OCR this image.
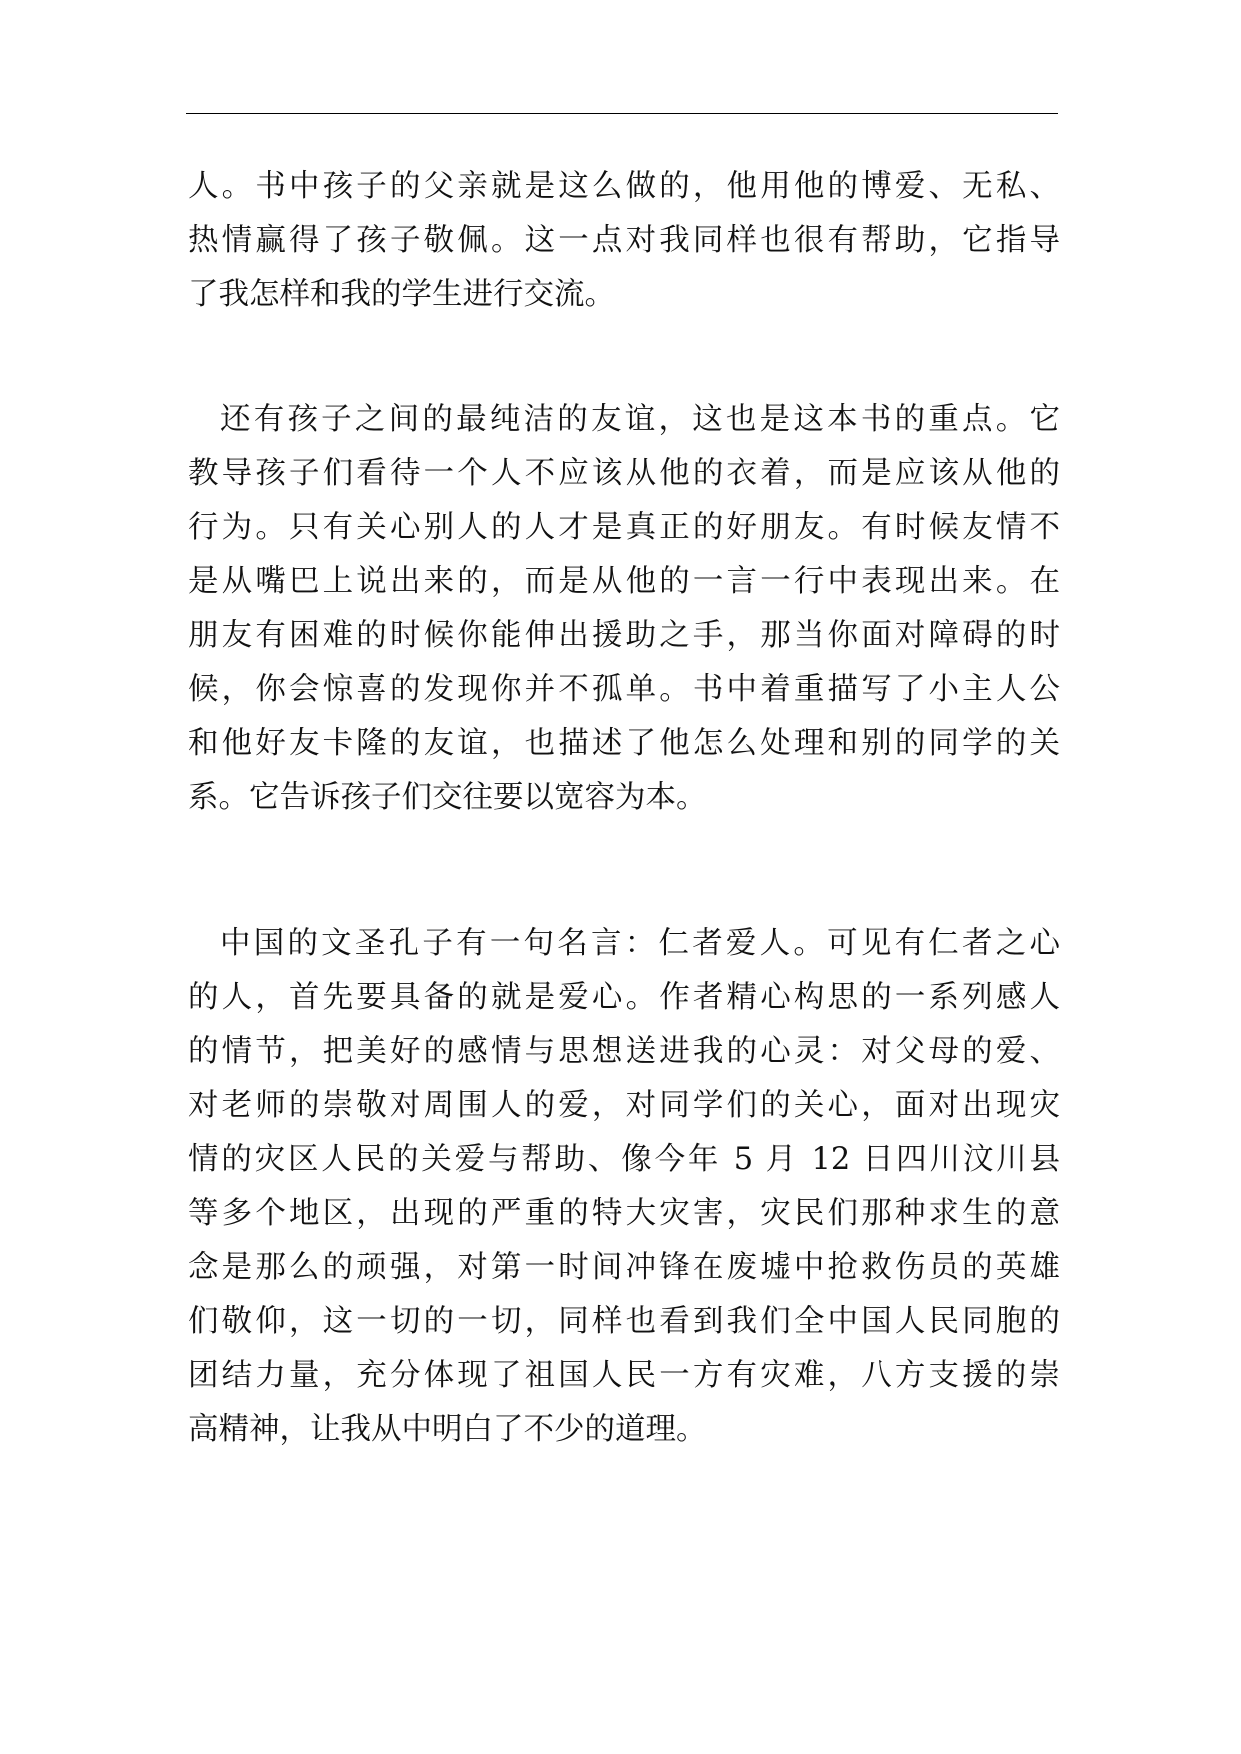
人。书中孩子的父亲就是这么做的，他用他的博爱、无私、
热情赢得了孩子敬佩。这一点对我同样也很有帮助，它指导
了我怎样和我的学生进行交流。
还有孩子之间的最纯洁的友谊，这也是这本书的重点。它
教导孩子们看待一个人不应该从他的衣着，而是应该从他的
行为。只有关心别人的人才是真正的好朋友。有时候友情不
是从嘴巴上说出来的，而是从他的一言一行中表现出来。在
朋友有困难的时候你能伸出援助之手，那当你面对障碍的时
候，你会惊喜的发现你并不孤单。书中着重描写了小主人公
和他好友卡隆的友谊，也描述了他怎么处理和别的同学的关
系。它告诉孩子们交往要以宽容为本。
中国的文圣孔子有一句名言：仁者爱人。可见有仁者之心
的人，首先要具备的就是爱心。作者精心构思的一系列感人
的情节，把美好的感情与思想送进我的心灵：对父母的爱、
对老师的崇敬对周围人的爱，对同学们的关心，面对出现灾
情的灾区人民的关爱与帮助、像今年 5 月 12 日四川汶川县
等多个地区，出现的严重的特大灾害，灾民们那种求生的意
念是那么的顽强，对第一时间冲锋在废墟中抢救伤员的英雄
们敬仰，这一切的一切，同样也看到我们全中国人民同胞的
团结力量，充分体现了祖国人民一方有灾难，八方支援的崇
高精神，让我从中明白了不少的道理。
